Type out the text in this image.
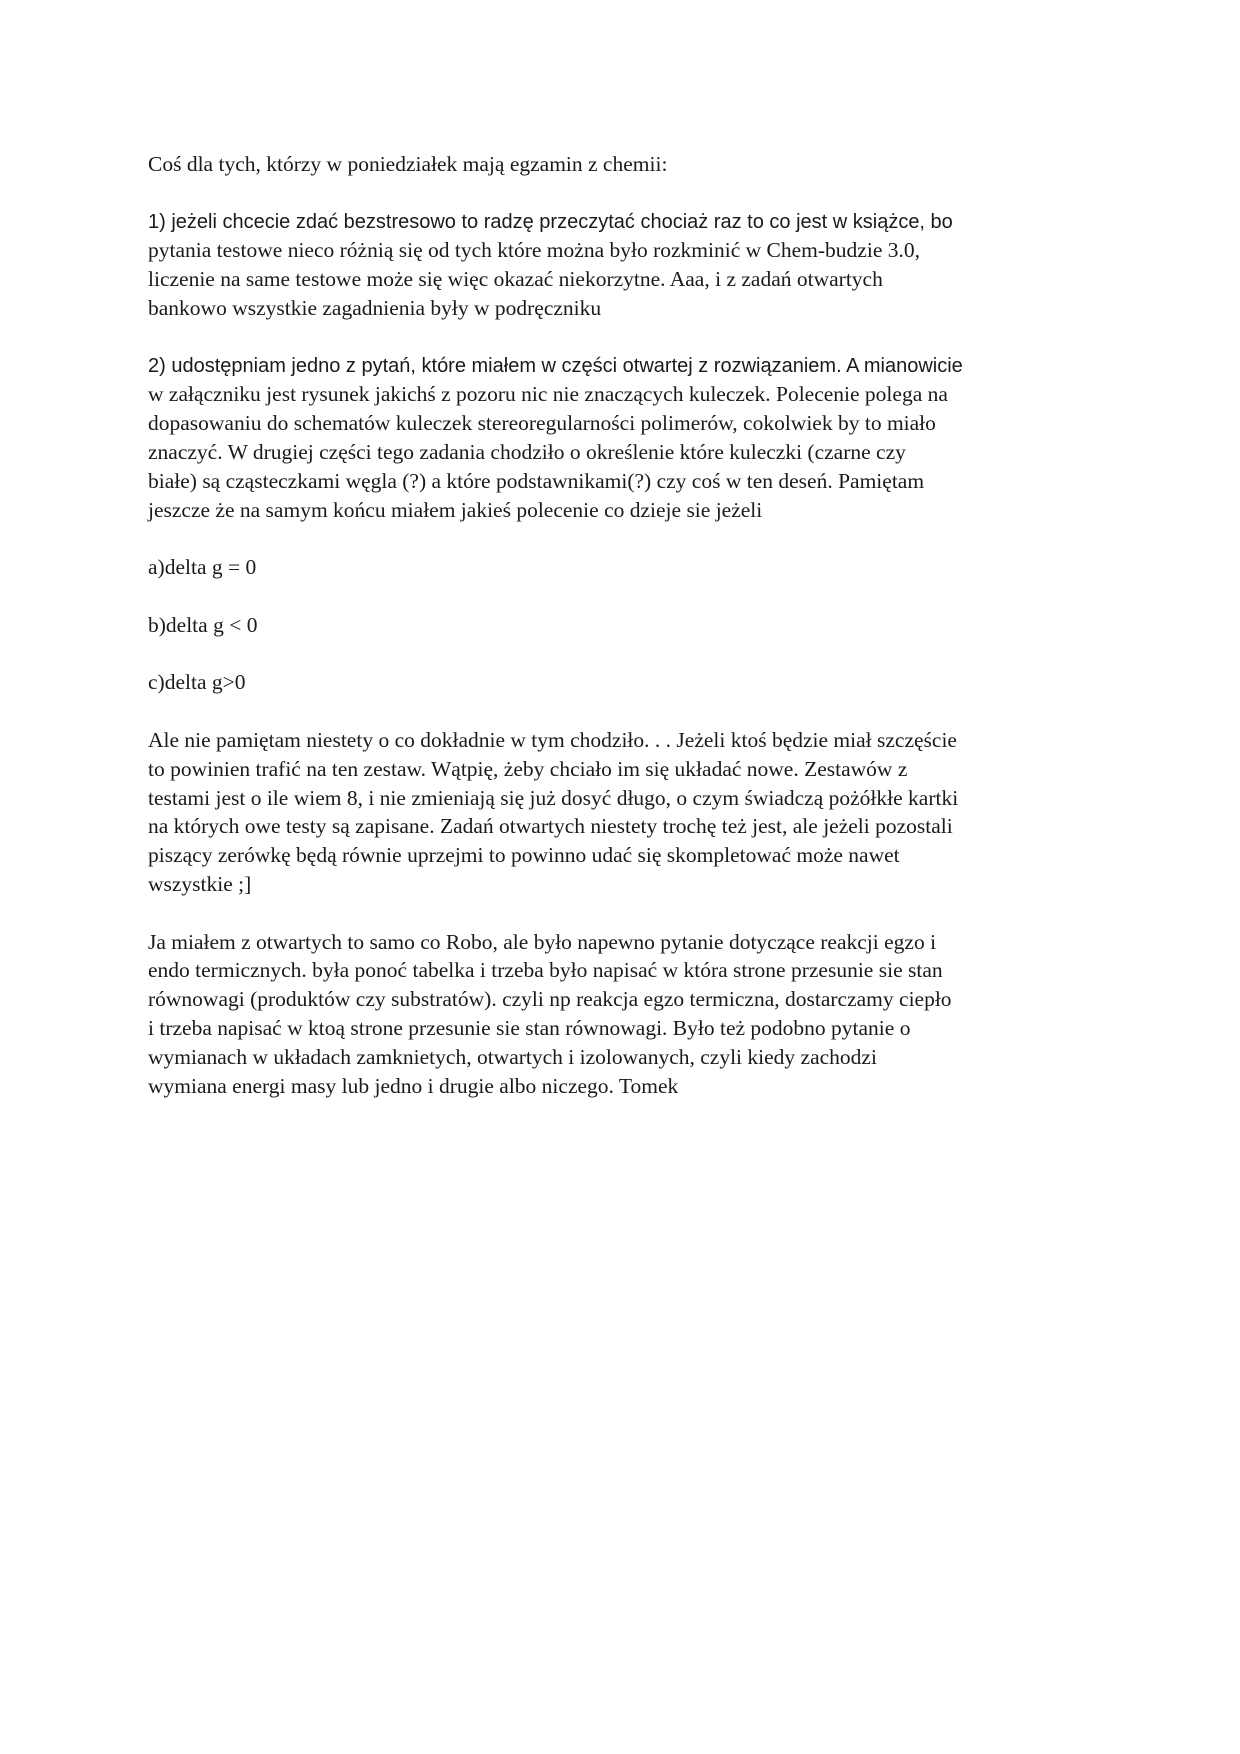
Coś dla tych, którzy w poniedziałek mają egzamin z chemii:

1) jeżeli chcecie zdać bezstresowo to radzę przeczytać chociaż raz to co jest w książce, bo
pytania testowe nieco różnią się od tych które można było rozkminić w Chem-budzie 3.0,
liczenie na same testowe może się więc okazać niekorzytne. Aaa, i z zadań otwartych
bankowo wszystkie zagadnienia były w podręczniku

2) udostępniam jedno z pytań, które miałem w części otwartej z rozwiązaniem. A mianowicie
w załączniku jest rysunek jakichś z pozoru nic nie znaczących kuleczek. Polecenie polega na
dopasowaniu do schematów kuleczek stereoregularności polimerów, cokolwiek by to miało
znaczyć. W drugiej części tego zadania chodziło o określenie które kuleczki (czarne czy
białe) są cząsteczkami węgla (?) a które podstawnikami(?) czy coś w ten deseń. Pamiętam
jeszcze że na samym końcu miałem jakieś polecenie co dzieje sie jeżeli

a)delta g = 0

b)delta g < 0

c)delta g>0

Ale nie pamiętam niestety o co dokładnie w tym chodziło. . . Jeżeli ktoś będzie miał szczęście
to powinien trafić na ten zestaw. Wątpię, żeby chciało im się układać nowe. Zestawów z
testami jest o ile wiem 8, i nie zmieniają się już dosyć długo, o czym świadczą pożółkłe kartki
na których owe testy są zapisane. Zadań otwartych niestety trochę też jest, ale jeżeli pozostali
piszący zerówkę będą równie uprzejmi to powinno udać się skompletować może nawet
wszystkie ;]

Ja miałem z otwartych to samo co Robo, ale było napewno pytanie dotyczące reakcji egzo i
endo termicznych. była ponoć tabelka i trzeba było napisać w która strone przesunie sie stan
równowagi (produktów czy substratów). czyli np reakcja egzo termiczna, dostarczamy ciepło
i trzeba napisać w ktoą strone przesunie sie stan równowagi. Było też podobno pytanie o
wymianach w układach zamknietych, otwartych i izolowanych, czyli kiedy zachodzi
wymiana energi masy lub jedno i drugie albo niczego. Tomek
